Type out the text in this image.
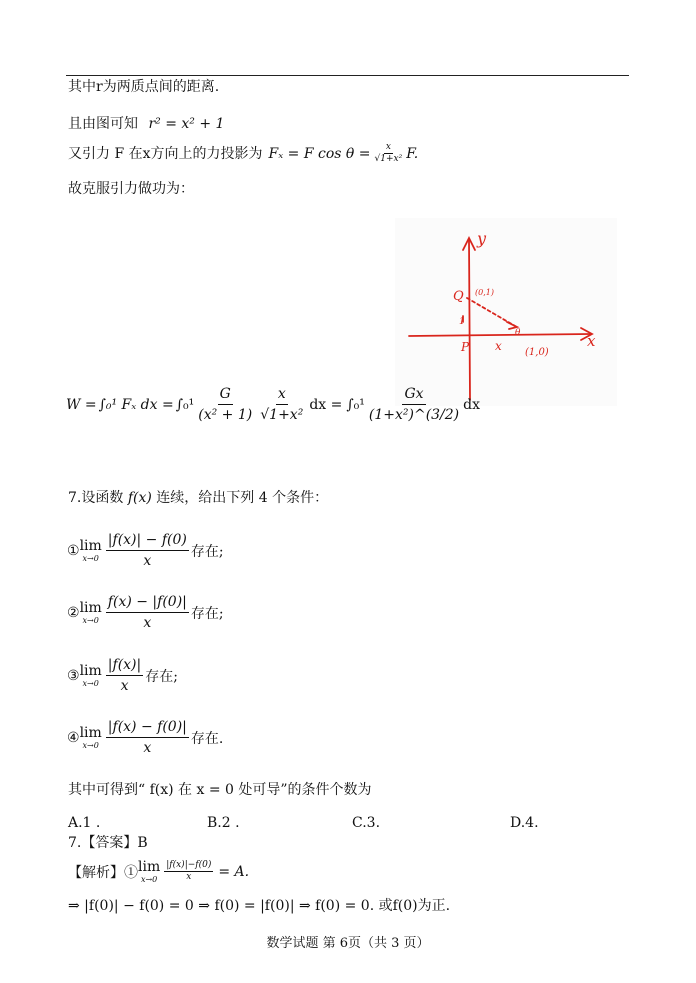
其中r为两质点间的距离.
且由图可知 r² = x² + 1
又引力 F 在x方向上的力投影为 Fₓ = F $\cos \theta = \frac{x}{\text{√1+x²}} F$.
故克服引力做功为：
y
x
Q (0,1)
1
P x
θ
(1,0)
W = ∫₀¹ Fₓ dx = $\int_0^1 \frac{G}{\text{(x² + 1)}} \frac{x}{\text{√1+x²}}$ dx = $\int_0^1 \frac{Gx}{\text{(1+x²)\textasciicircum{}(3/2)}}$ dx
7.设函数 f(x) 连续，给出下列 4 个条件：
① lim
$x\to 0 \frac{|f(x)| - f(0)}{x}$ 存在;
② lim
$x\to 0 \frac{f(x) - |f(0)|}{x}$ 存在;
③ lim
$x\to 0 \frac{|f(x)|}{x}$ 存在;
④ lim
$x\to 0 \frac{|f(x) - f(0)|}{x}$ 存在.
其中可得到“ f(x) 在 x = 0 处可导”的条件个数为
A.1 .	B.2 .	C.3.	D.4.
7.【答案】B
【解析】① lim
$x\to 0 \frac{|f(x)|-f(0)}{x} = A$.
⇒ |f(0)| − f(0) = 0 ⇒ f(0) = |f(0)| ⇒ f(0) = 0. 或f(0)为正.
数学试题 第 6页（共 3 页）
